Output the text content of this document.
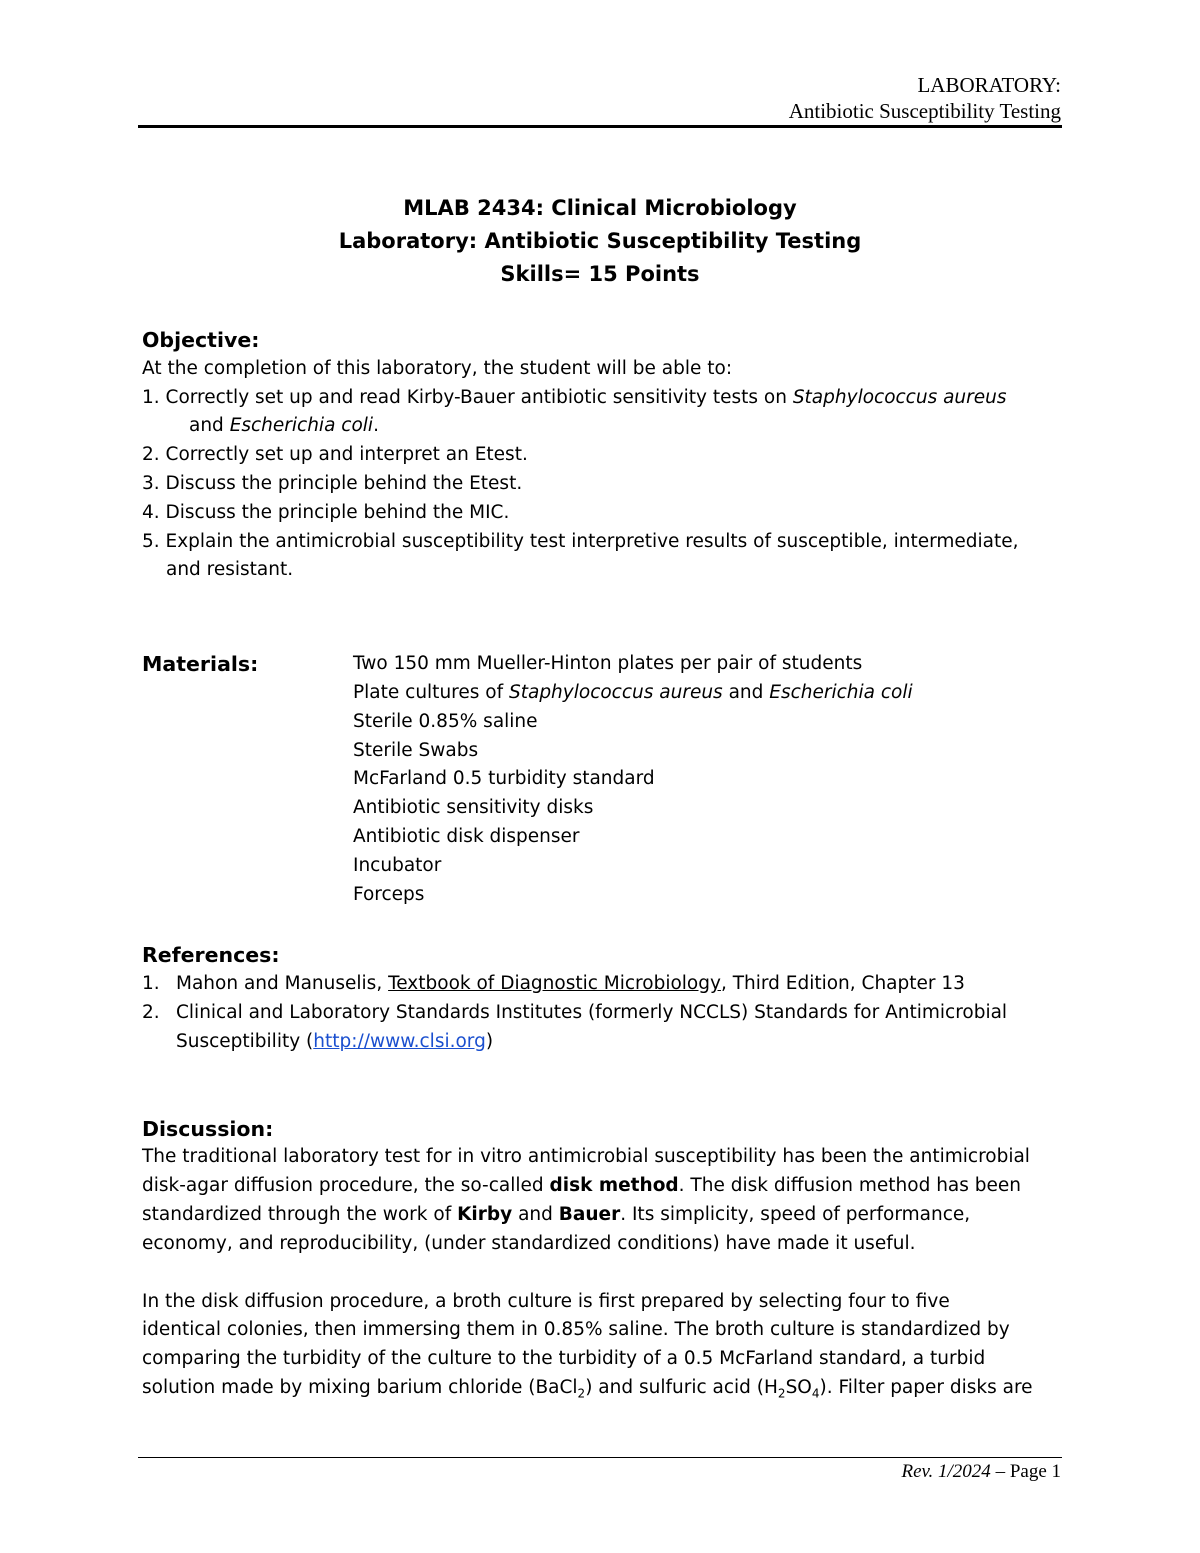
LABORATORY:
Antibiotic Susceptibility Testing
MLAB 2434: Clinical Microbiology
Laboratory: Antibiotic Susceptibility Testing
Skills= 15 Points
Objective:
At the completion of this laboratory, the student will be able to:
1. Correctly set up and read Kirby-Bauer antibiotic sensitivity tests on Staphylococcus aureus
and Escherichia coli.
2. Correctly set up and interpret an Etest.
3. Discuss the principle behind the Etest.
4. Discuss the principle behind the MIC.
5. Explain the antimicrobial susceptibility test interpretive results of susceptible, intermediate,
and resistant.
Materials:	Two 150 mm Mueller-Hinton plates per pair of students
Plate cultures of Staphylococcus aureus and Escherichia coli
Sterile 0.85% saline
Sterile Swabs
McFarland 0.5 turbidity standard
Antibiotic sensitivity disks
Antibiotic disk dispenser
Incubator
Forceps
References:
1. Mahon and Manuselis, Textbook of Diagnostic Microbiology, Third Edition, Chapter 13
2. Clinical and Laboratory Standards Institutes (formerly NCCLS) Standards for Antimicrobial
Susceptibility (http://www.clsi.org)
Discussion:
The traditional laboratory test for in vitro antimicrobial susceptibility has been the antimicrobial
disk-agar diffusion procedure, the so-called disk method. The disk diffusion method has been
standardized through the work of Kirby and Bauer. Its simplicity, speed of performance,
economy, and reproducibility, (under standardized conditions) have made it useful.
In the disk diffusion procedure, a broth culture is first prepared by selecting four to five
identical colonies, then immersing them in 0.85% saline. The broth culture is standardized by
comparing the turbidity of the culture to the turbidity of a 0.5 McFarland standard, a turbid
solution made by mixing barium chloride (BaCl$_2$) and sulfuric acid $(H_2SO_4)$. Filter paper disks are
Rev. 1/2024 – Page 1
